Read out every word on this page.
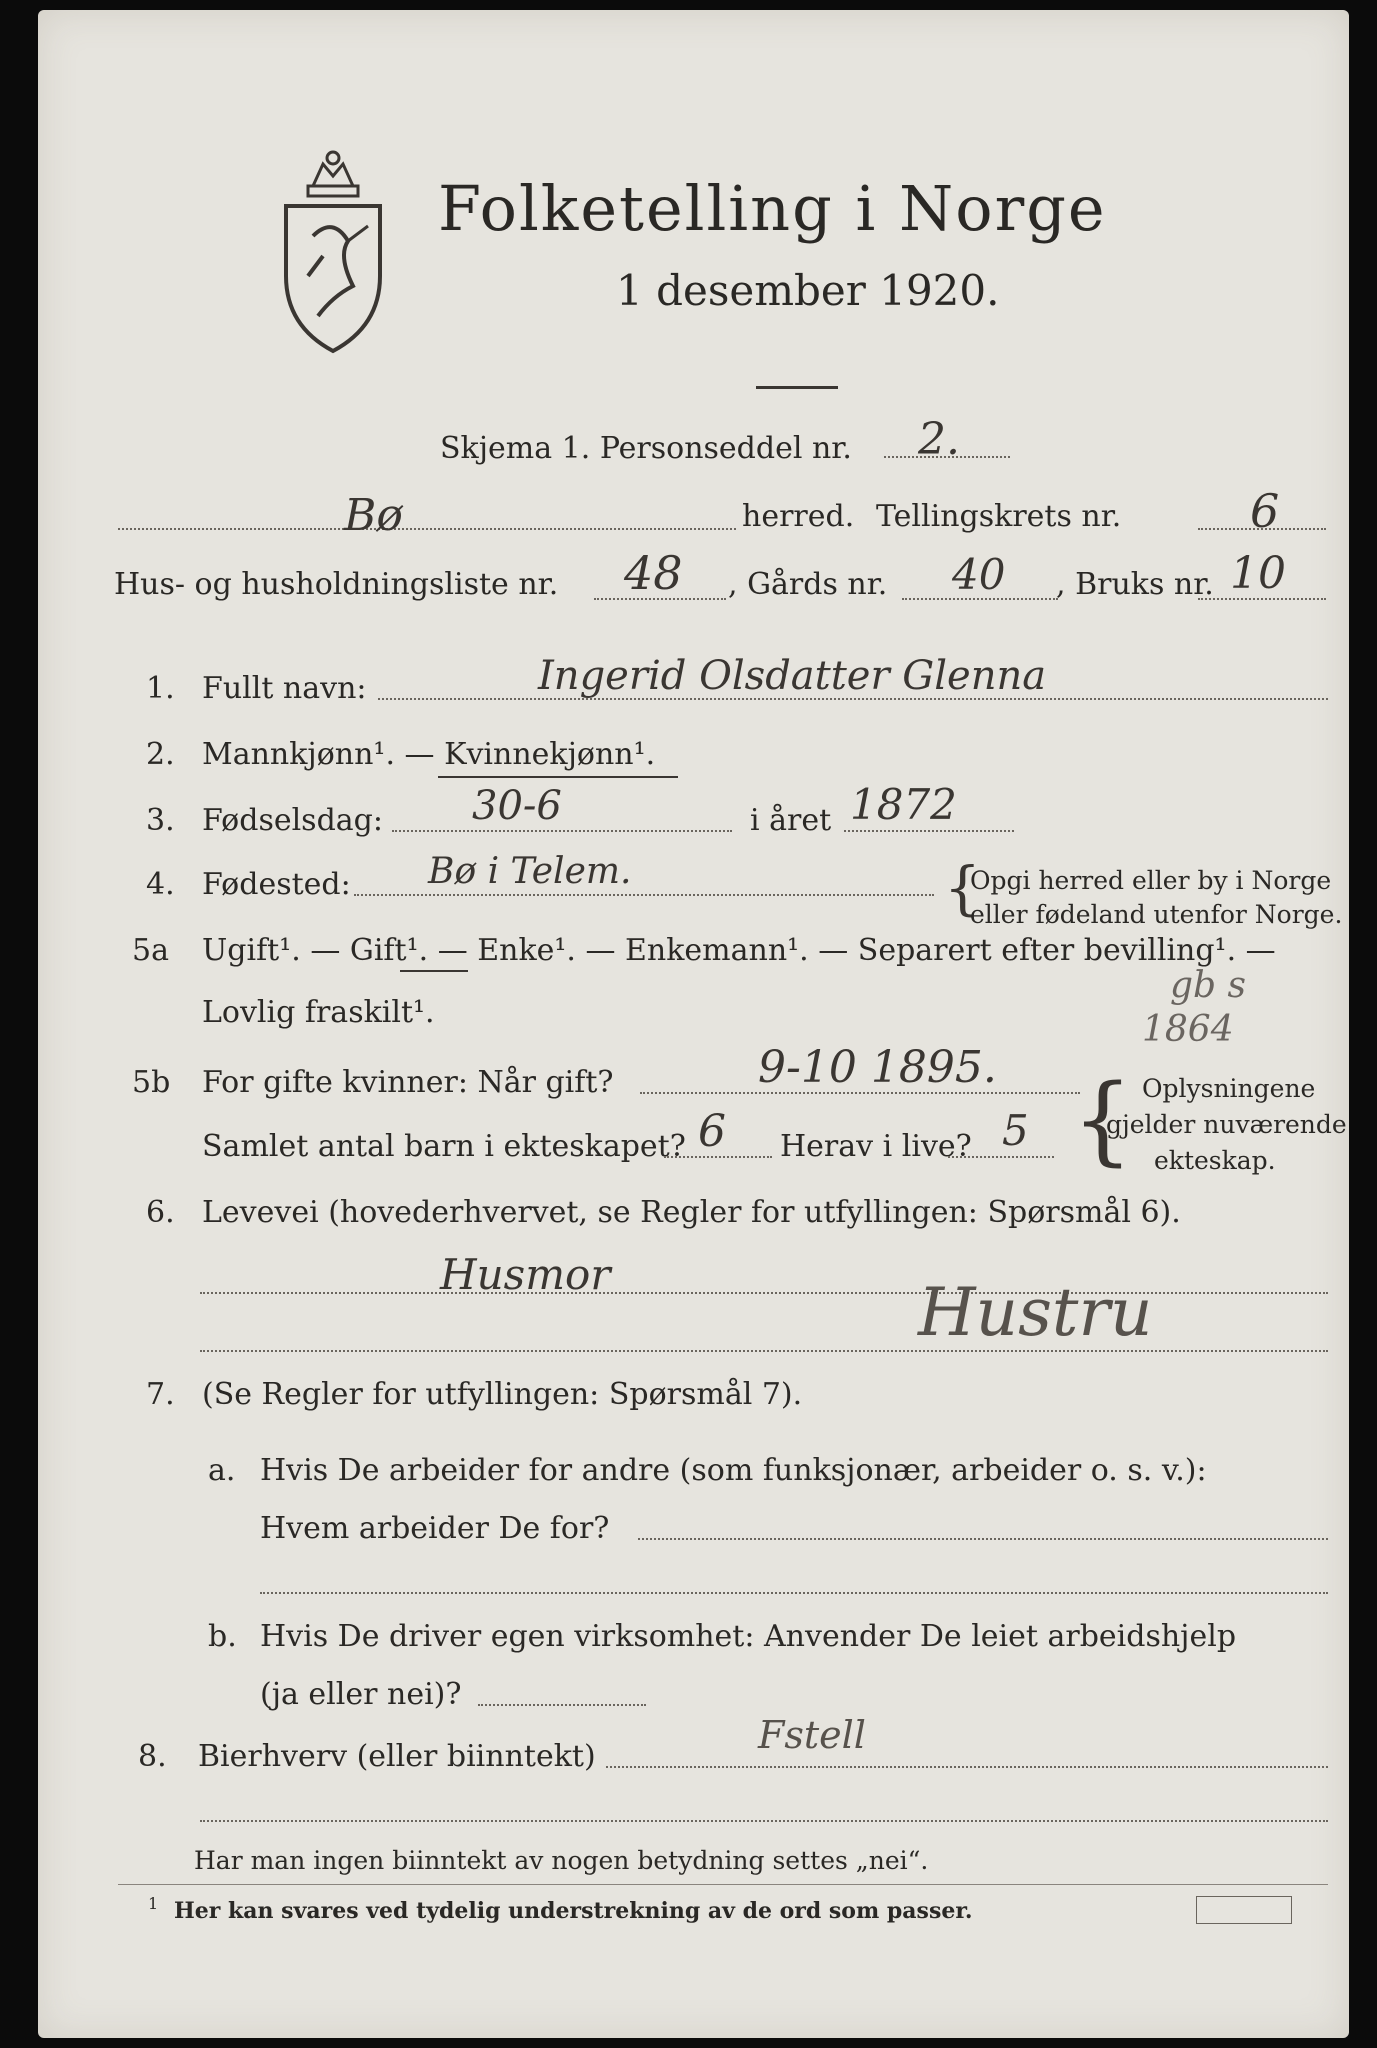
Folketelling i Norge
1 desember 1920.
Skjema 1. Personseddel nr. 2.
Bø	herred. Tellingskrets nr.	6
Hus- og husholdningsliste nr. 48 , Gårds nr. 40 , Bruks nr. 10
1. Fullt navn:	Ingerid Olsdatter Glenna
2. Mannkjønn¹. — Kvinnekjønn¹.
3. Fødselsdag: 30-6	i året 1872
4. Fødested: Bø i Telem.	{
Opgi herred eller by i Norge
eller fødeland utenfor Norge.
5a Ugift¹. — Gift¹. — Enke¹. — Enkemann¹. — Separert efter bevilling¹. —
Lovlig fraskilt¹.
gb s
1864
5b For gifte kvinner: Når gift?	9-10 1895.
Samlet antal barn i ekteskapet? 6 Herav i live? 5 { Oplysningene
gjelder nuværende
ekteskap.
6. Levevei (hovederhvervet, se Regler for utfyllingen: Spørsmål 6).
Husmor	Hustru
7. (Se Regler for utfyllingen: Spørsmål 7).
a. Hvis De arbeider for andre (som funksjonær, arbeider o. s. v.):
Hvem arbeider De for?
b. Hvis De driver egen virksomhet: Anvender De leiet arbeidshjelp
(ja eller nei)?
8. Bierhverv (eller biinntekt)	Fstell
Har man ingen biinntekt av nogen betydning settes „nei“.
1 Her kan svares ved tydelig understrekning av de ord som passer.
